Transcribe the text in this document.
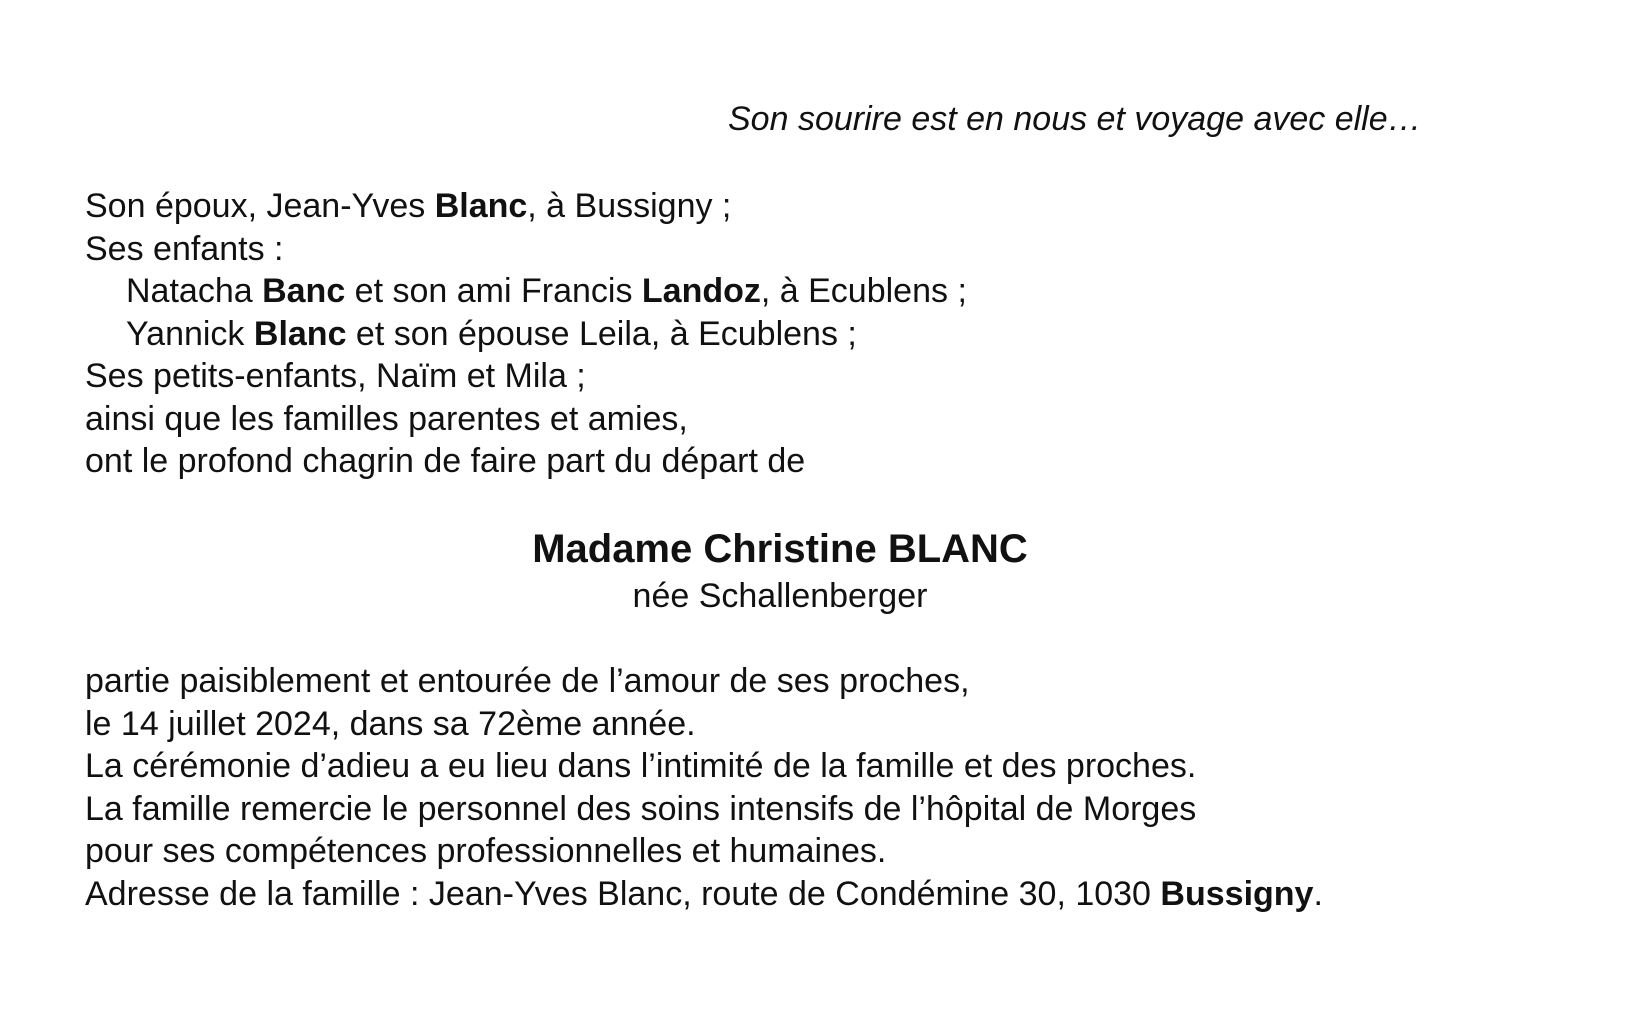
Son sourire est en nous et voyage avec elle…
Son époux, Jean-Yves Blanc, à Bussigny ;
Ses enfants :
Natacha Banc et son ami Francis Landoz, à Ecublens ;
Yannick Blanc et son épouse Leila, à Ecublens ;
Ses petits-enfants, Naïm et Mila ;
ainsi que les familles parentes et amies,
ont le profond chagrin de faire part du départ de
Madame Christine BLANC
née Schallenberger
partie paisiblement et entourée de l’amour de ses proches,
le 14 juillet 2024, dans sa 72ème année.
La cérémonie d’adieu a eu lieu dans l’intimité de la famille et des proches.
La famille remercie le personnel des soins intensifs de l’hôpital de Morges
pour ses compétences professionnelles et humaines.
Adresse de la famille : Jean-Yves Blanc, route de Condémine 30, 1030 Bussigny.
